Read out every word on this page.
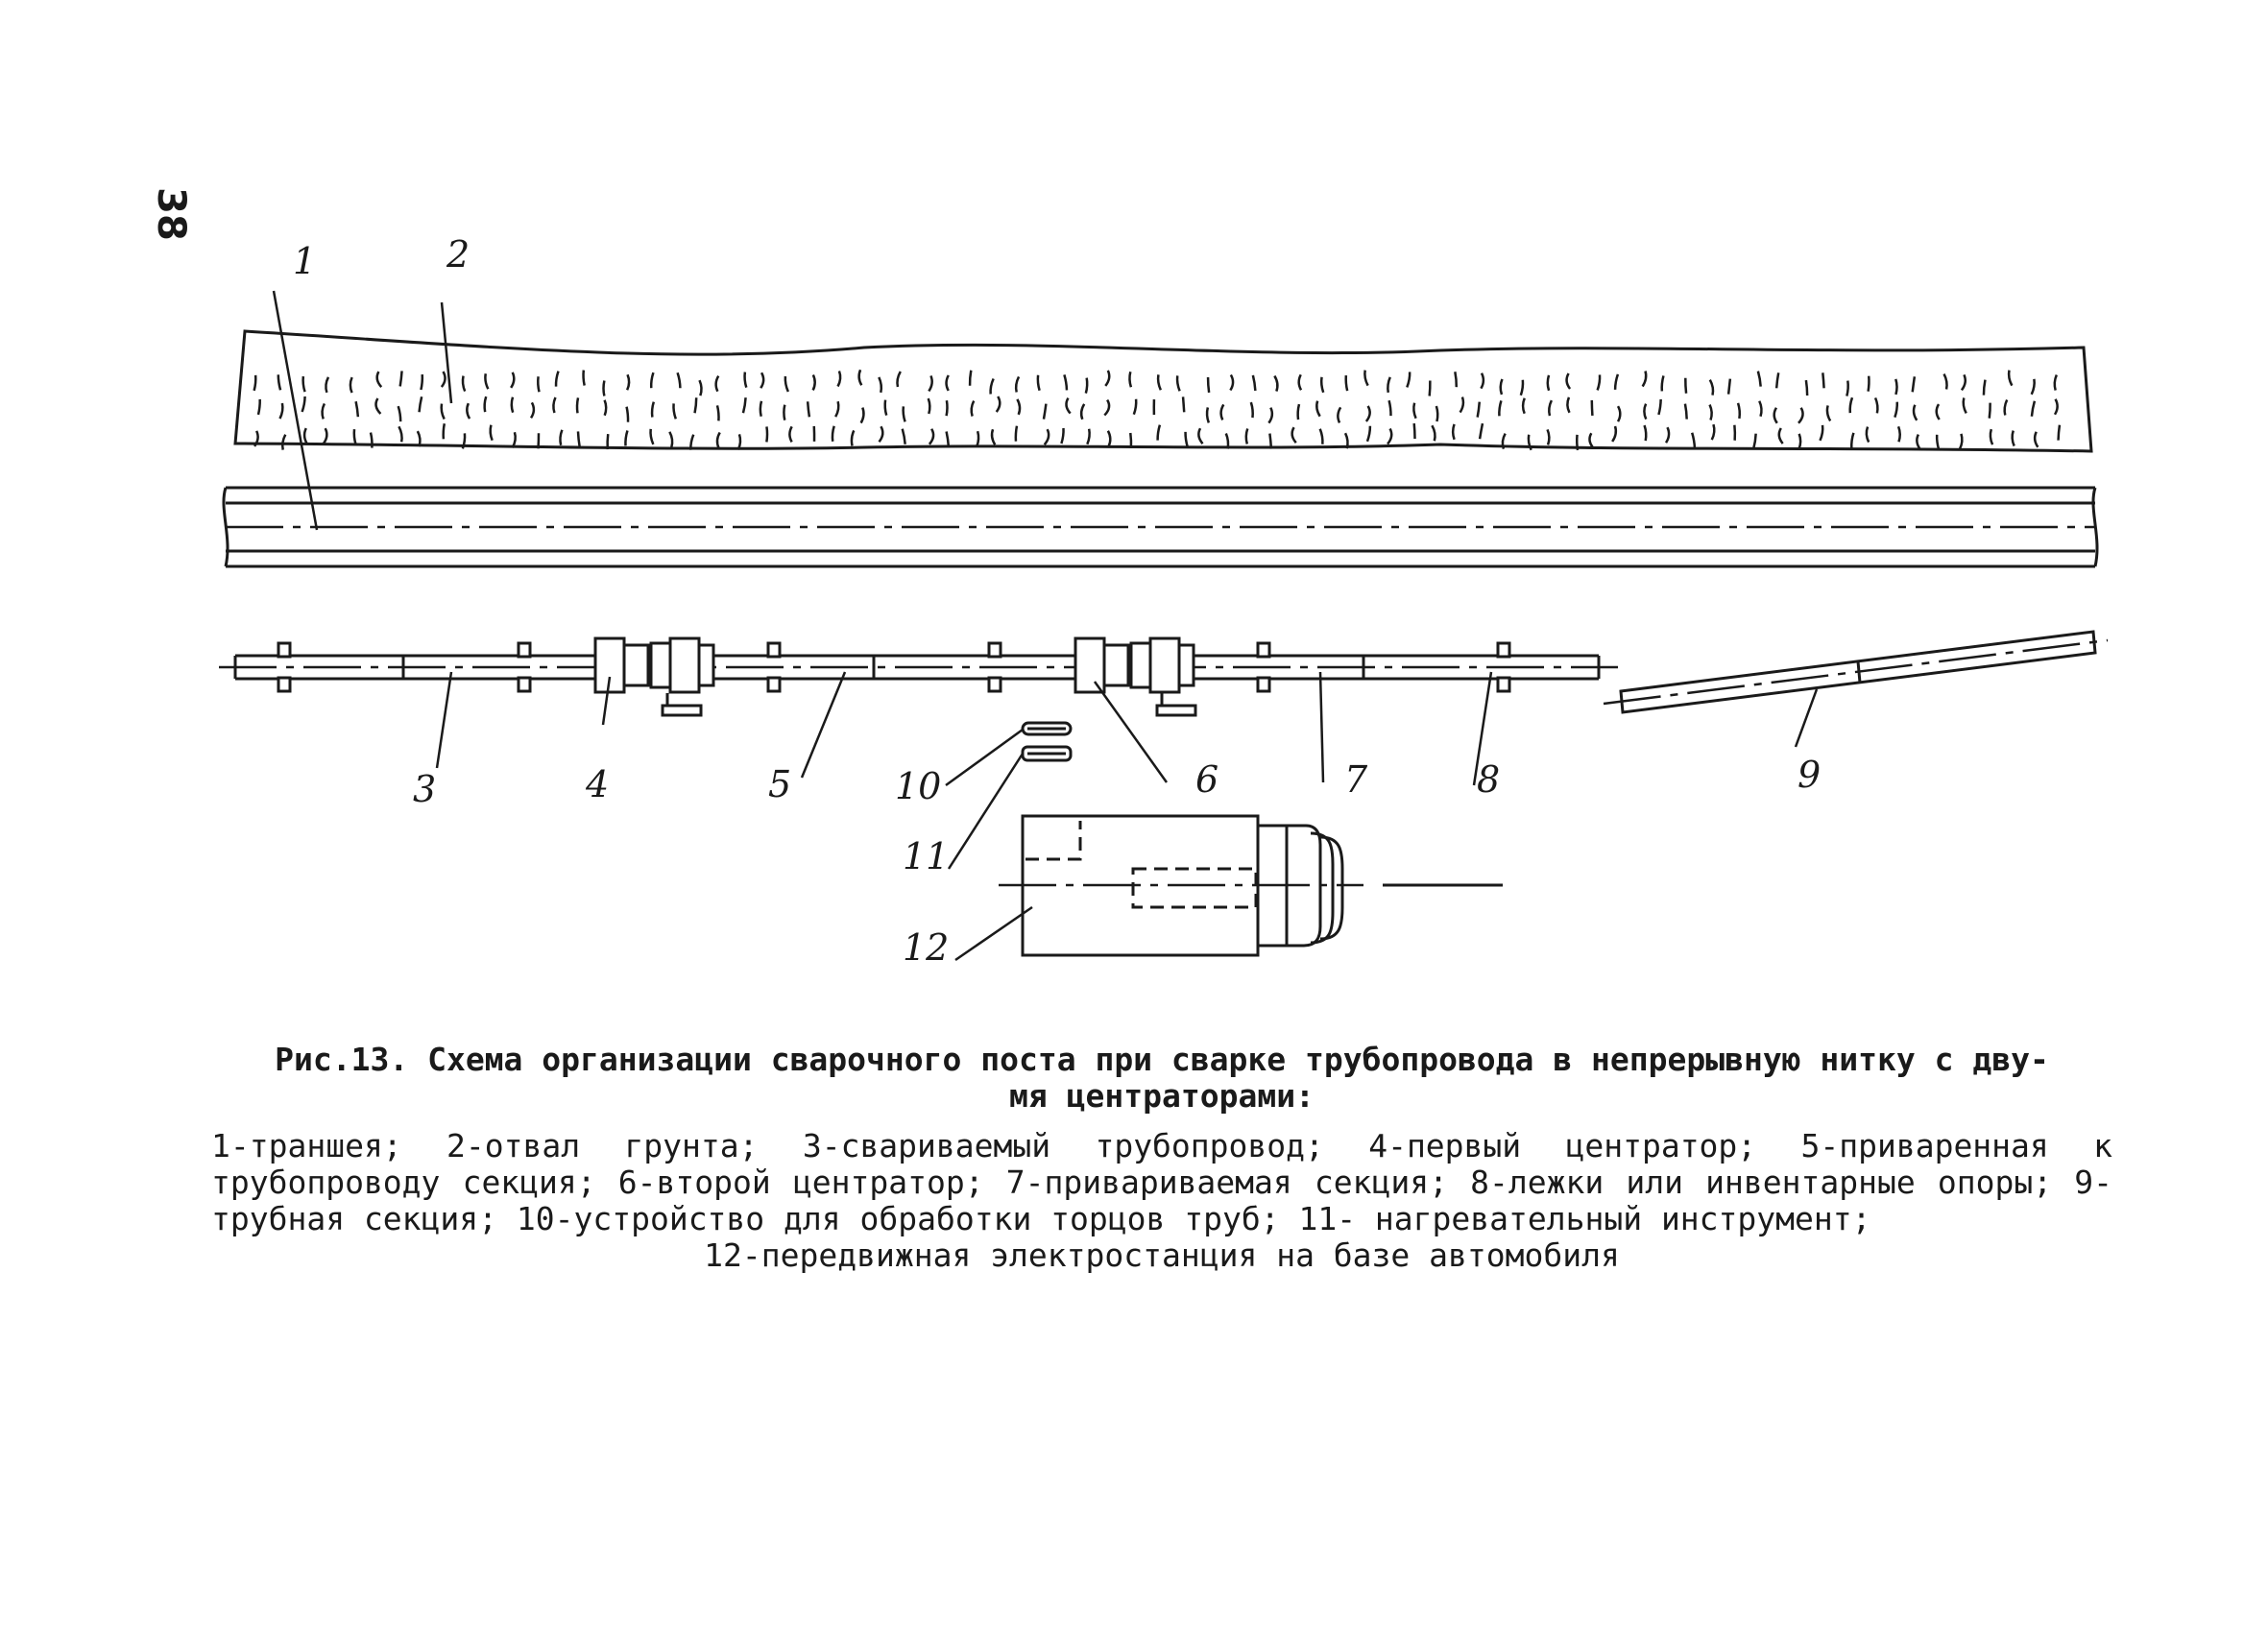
38
1	2
3	4	5	6	7	8	9
10
11
12
Рис.13. Схема организации сварочного поста при сварке трубопровода в непрерывную нитку с дву-
мя центраторами:
1-траншея; 2-отвал грунта; 3-свариваемый трубопровод; 4-первый центратор; 5-приваренная к трубопроводу секция; 6-второй центратор; 7-привариваемая секция; 8-лежки или инвентарные опоры; 9-трубная секция; 10-устройство для обработки торцов труб; 11- нагревательный инструмент;
12-передвижная электростанция на базе автомобиля
